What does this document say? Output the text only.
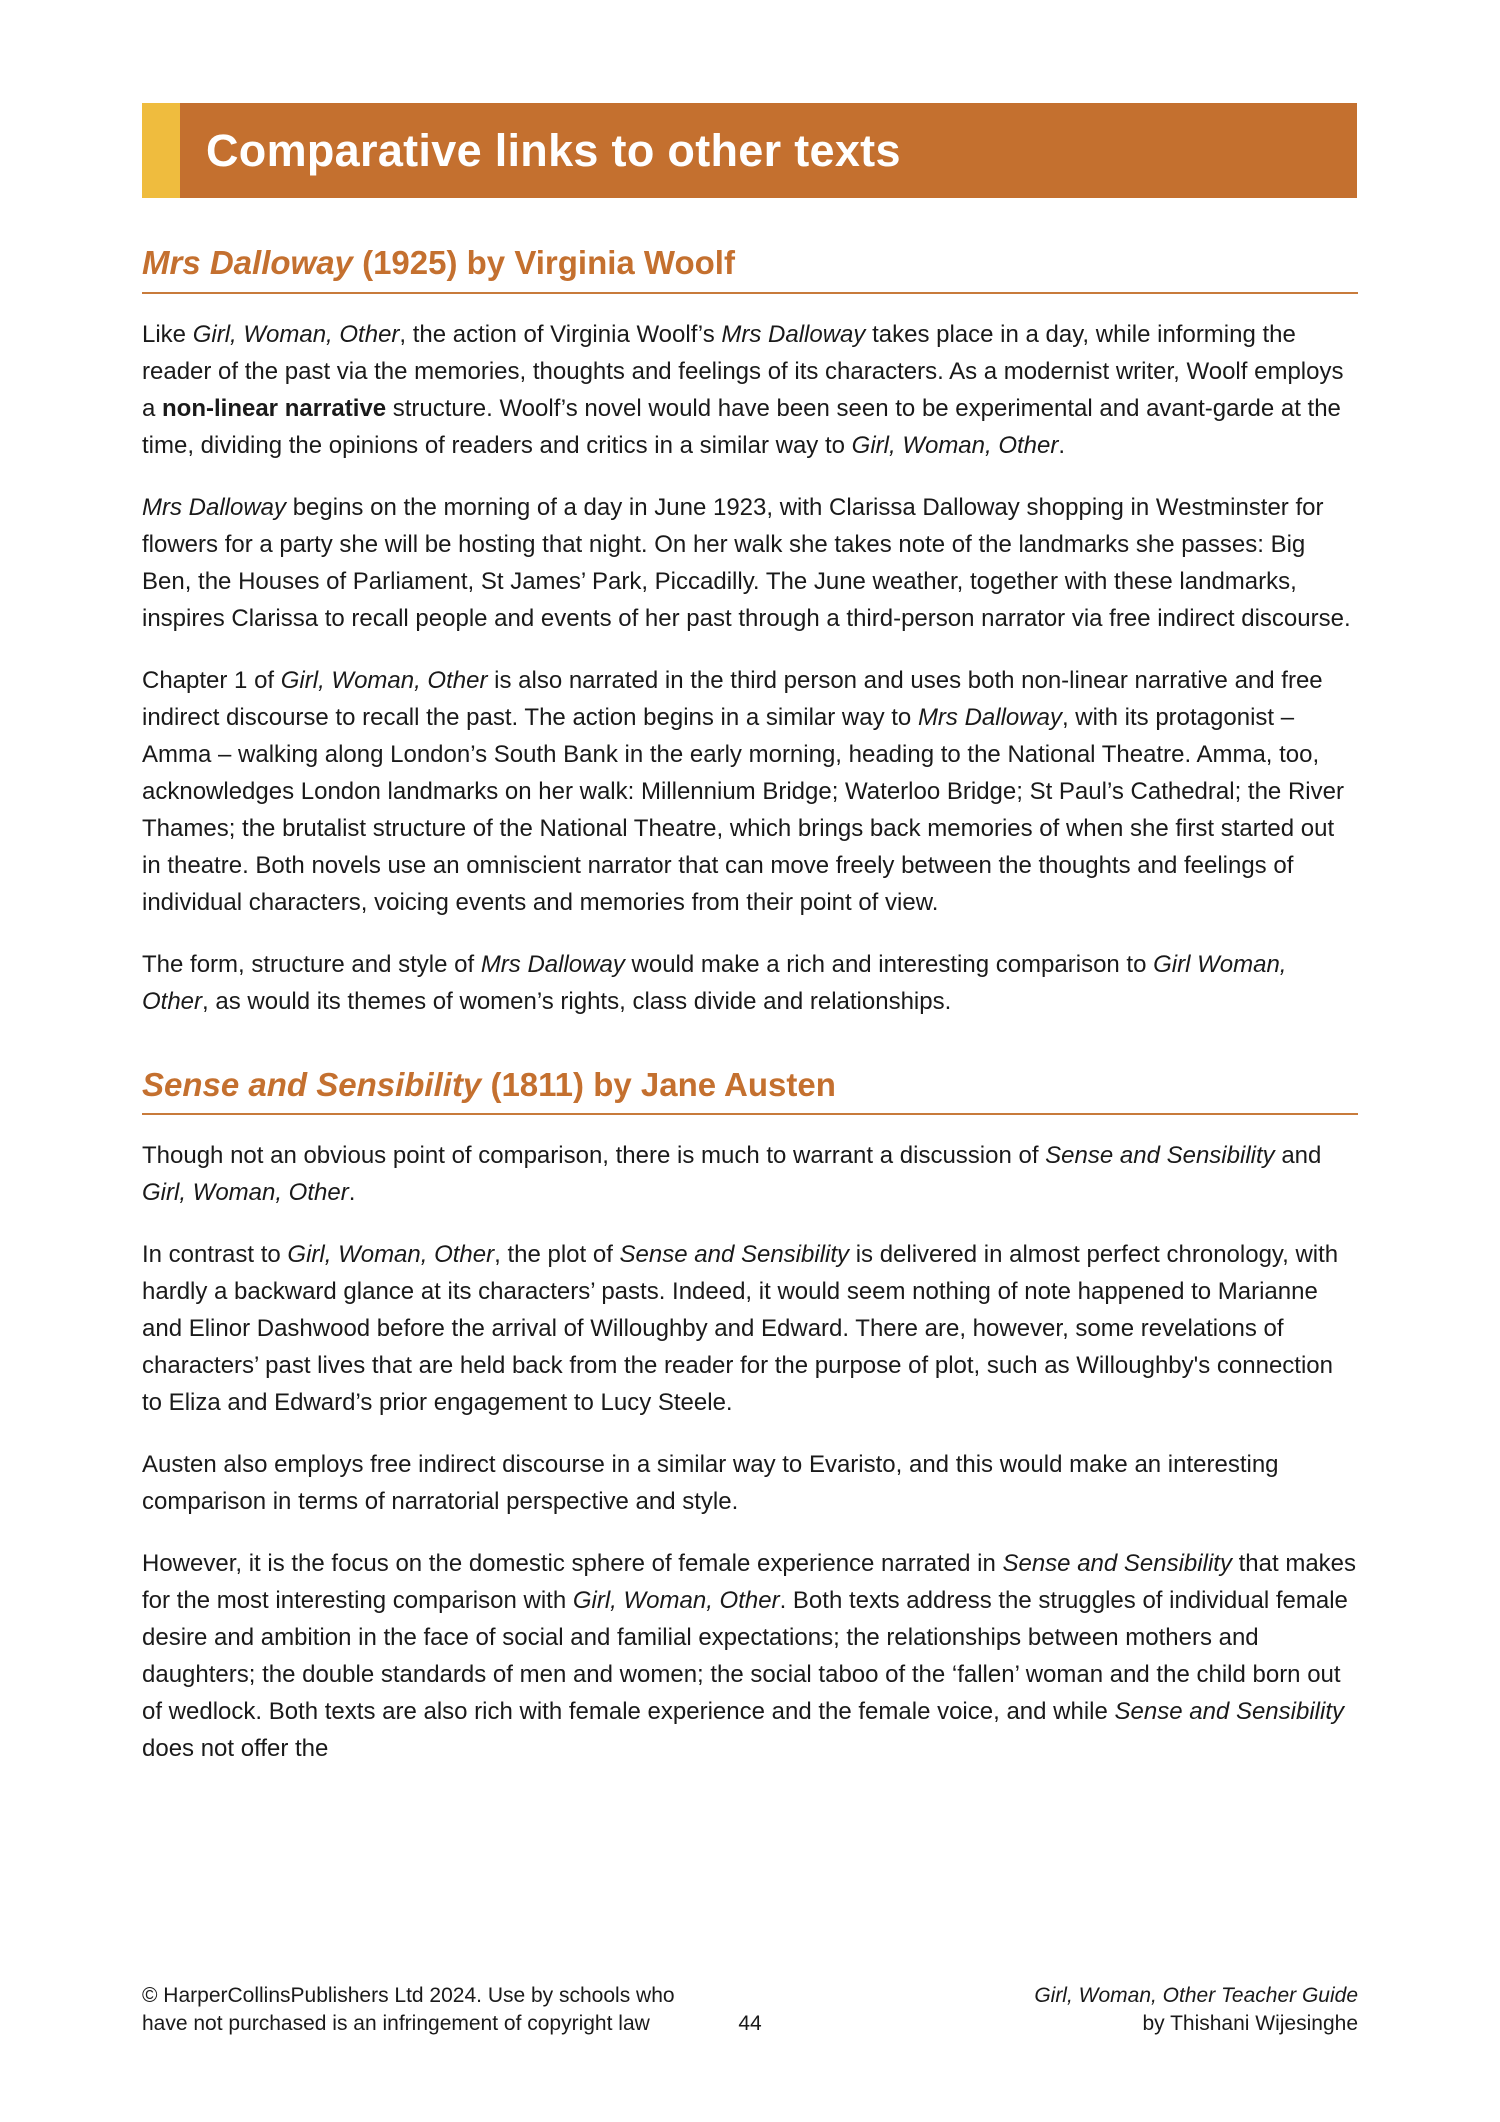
Comparative links to other texts
Mrs Dalloway (1925) by Virginia Woolf

Like Girl, Woman, Other, the action of Virginia Woolf’s Mrs Dalloway takes place in a day, while informing the reader of the past via the memories, thoughts and feelings of its characters. As a modernist writer, Woolf employs a non-linear narrative structure. Woolf’s novel would have been seen to be experimental and avant-garde at the time, dividing the opinions of readers and critics in a similar way to Girl, Woman, Other.

Mrs Dalloway begins on the morning of a day in June 1923, with Clarissa Dalloway shopping in Westminster for flowers for a party she will be hosting that night. On her walk she takes note of the landmarks she passes: Big Ben, the Houses of Parliament, St James’ Park, Piccadilly. The June weather, together with these landmarks, inspires Clarissa to recall people and events of her past through a third-person narrator via free indirect discourse.

Chapter 1 of Girl, Woman, Other is also narrated in the third person and uses both non-linear narrative and free indirect discourse to recall the past. The action begins in a similar way to Mrs Dalloway, with its protagonist – Amma – walking along London’s South Bank in the early morning, heading to the National Theatre. Amma, too, acknowledges London landmarks on her walk: Millennium Bridge; Waterloo Bridge; St Paul’s Cathedral; the River Thames; the brutalist structure of the National Theatre, which brings back memories of when she first started out in theatre. Both novels use an omniscient narrator that can move freely between the thoughts and feelings of individual characters, voicing events and memories from their point of view.

The form, structure and style of Mrs Dalloway would make a rich and interesting comparison to Girl Woman, Other, as would its themes of women’s rights, class divide and relationships.

Sense and Sensibility (1811) by Jane Austen

Though not an obvious point of comparison, there is much to warrant a discussion of Sense and Sensibility and Girl, Woman, Other.

In contrast to Girl, Woman, Other, the plot of Sense and Sensibility is delivered in almost perfect chronology, with hardly a backward glance at its characters’ pasts. Indeed, it would seem nothing of note happened to Marianne and Elinor Dashwood before the arrival of Willoughby and Edward. There are, however, some revelations of characters’ past lives that are held back from the reader for the purpose of plot, such as Willoughby's connection to Eliza and Edward’s prior engagement to Lucy Steele.

Austen also employs free indirect discourse in a similar way to Evaristo, and this would make an interesting comparison in terms of narratorial perspective and style.

However, it is the focus on the domestic sphere of female experience narrated in Sense and Sensibility that makes for the most interesting comparison with Girl, Woman, Other. Both texts address the struggles of individual female desire and ambition in the face of social and familial expectations; the relationships between mothers and daughters; the double standards of men and women; the social taboo of the ‘fallen’ woman and the child born out of wedlock. Both texts are also rich with female experience and the female voice, and while Sense and Sensibility does not offer the

© HarperCollinsPublishers Ltd 2024. Use by schools who
have not purchased is an infringement of copyright law	44
Girl, Woman, Other Teacher Guide
by Thishani Wijesinghe
